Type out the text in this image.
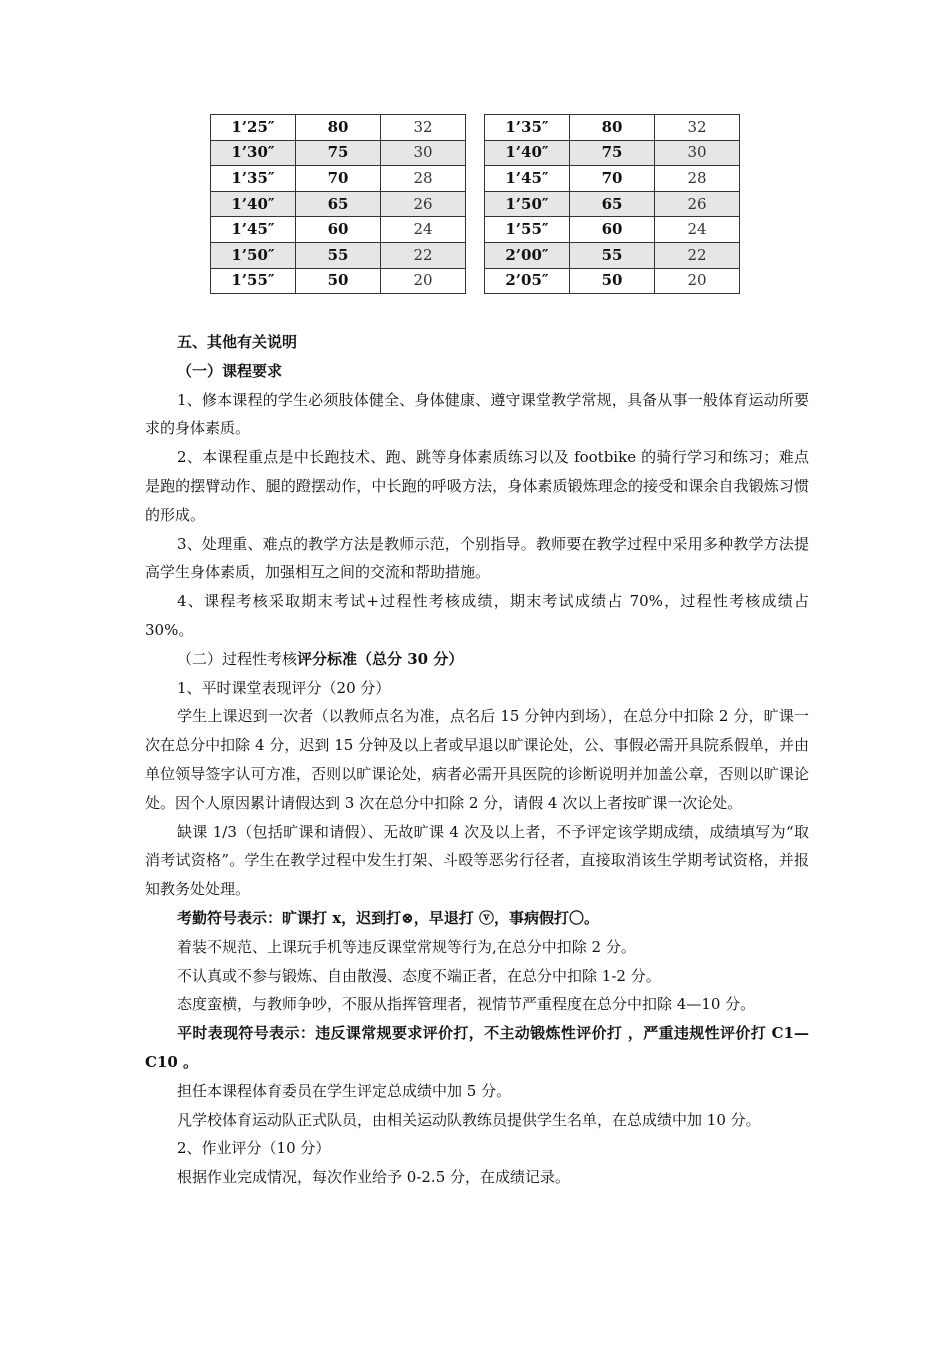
1’25″	80	32
1’30″	75	30
1’35″	70	28
1’40″	65	26
1’45″	60	24
1’50″	55	22
1’55″	50	20
1’35″	80	32
1’40″	75	30
1’45″	70	28
1’50″	65	26
1’55″	60	24
2’00″	55	22
2’05″	50	20

五、其他有关说明

（一）课程要求

1、修本课程的学生必须肢体健全、身体健康、遵守课堂教学常规，具备从事一般体育运动所要求的身体素质。

2、本课程重点是中长跑技术、跑、跳等身体素质练习以及 footbike 的骑行学习和练习；难点是跑的摆臂动作、腿的蹬摆动作，中长跑的呼吸方法，身体素质锻炼理念的接受和课余自我锻炼习惯的形成。

3、处理重、难点的教学方法是教师示范，个别指导。教师要在教学过程中采用多种教学方法提高学生身体素质，加强相互之间的交流和帮助措施。

4、课程考核采取期末考试+过程性考核成绩，期末考试成绩占 70%，过程性考核成绩占 30%。

（二）过程性考核评分标准（总分 30 分）

1、平时课堂表现评分（20 分）

学生上课迟到一次者（以教师点名为准，点名后 15 分钟内到场），在总分中扣除 2 分，旷课一次在总分中扣除 4 分，迟到 15 分钟及以上者或早退以旷课论处，公、事假必需开具院系假单，并由单位领导签字认可方准，否则以旷课论处，病者必需开具医院的诊断说明并加盖公章，否则以旷课论处。因个人原因累计请假达到 3 次在总分中扣除 2 分，请假 4 次以上者按旷课一次论处。

缺课 1/3（包括旷课和请假）、无故旷课 4 次及以上者，不予评定该学期成绩，成绩填写为“取消考试资格”。学生在教学过程中发生打架、斗殴等恶劣行径者，直接取消该生学期考试资格，并报知教务处处理。

考勤符号表示：旷课打 x，迟到打⊗，早退打 ⓥ，事病假打〇。

着装不规范、上课玩手机等违反课堂常规等行为,在总分中扣除 2 分。

不认真或不参与锻炼、自由散漫、态度不端正者，在总分中扣除 1-2 分。

态度蛮横，与教师争吵，不服从指挥管理者，视情节严重程度在总分中扣除 4—10 分。

平时表现符号表示：违反课常规要求评价打，不主动锻炼性评价打 ，严重违规性评价打 C1—C10 。

担任本课程体育委员在学生评定总成绩中加 5 分。

凡学校体育运动队正式队员，由相关运动队教练员提供学生名单，在总成绩中加 10 分。

2、作业评分（10 分）

根据作业完成情况，每次作业给予 0-2.5 分，在成绩记录。
